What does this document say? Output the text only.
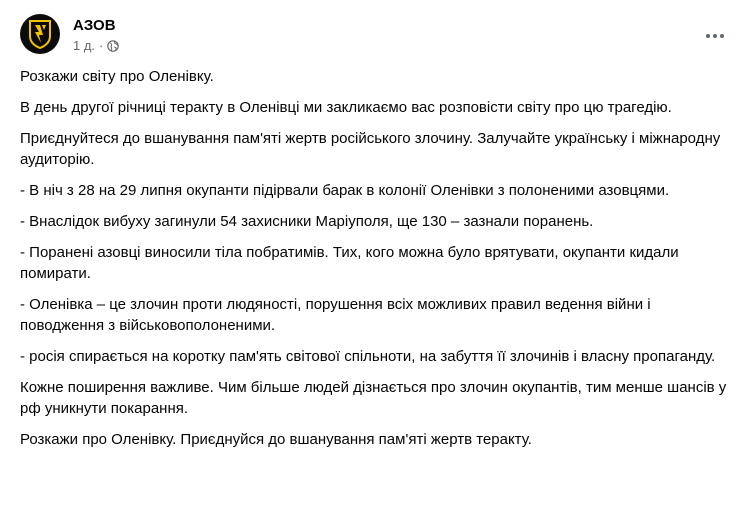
АЗОВ
1 д. ·

Розкажи світу про Оленівку.

В день другої річниці теракту в Оленівці ми закликаємо вас розповісти світу про цю трагедію.

Приєднуйтеся до вшанування пам'яті жертв російського злочину. Залучайте українську і міжнародну аудиторію.

- В ніч з 28 на 29 липня окупанти підірвали барак в колонії Оленівки з полоненими азовцями.

- Внаслідок вибуху загинули 54 захисники Маріуполя, ще 130 – зазнали поранень.

- Поранені азовці виносили тіла побратимів. Тих, кого можна було врятувати, окупанти кидали помирати.

- Оленівка – це злочин проти людяності, порушення всіх можливих правил ведення війни і поводження з військовополоненими.

- росія спирається на коротку пам'ять світової спільноти, на забуття її злочинів і власну пропаганду.

Кожне поширення важливе. Чим більше людей дізнається про злочин окупантів, тим менше шансів у рф уникнути покарання.

Розкажи про Оленівку. Приєднуйся до вшанування пам'яті жертв теракту.
